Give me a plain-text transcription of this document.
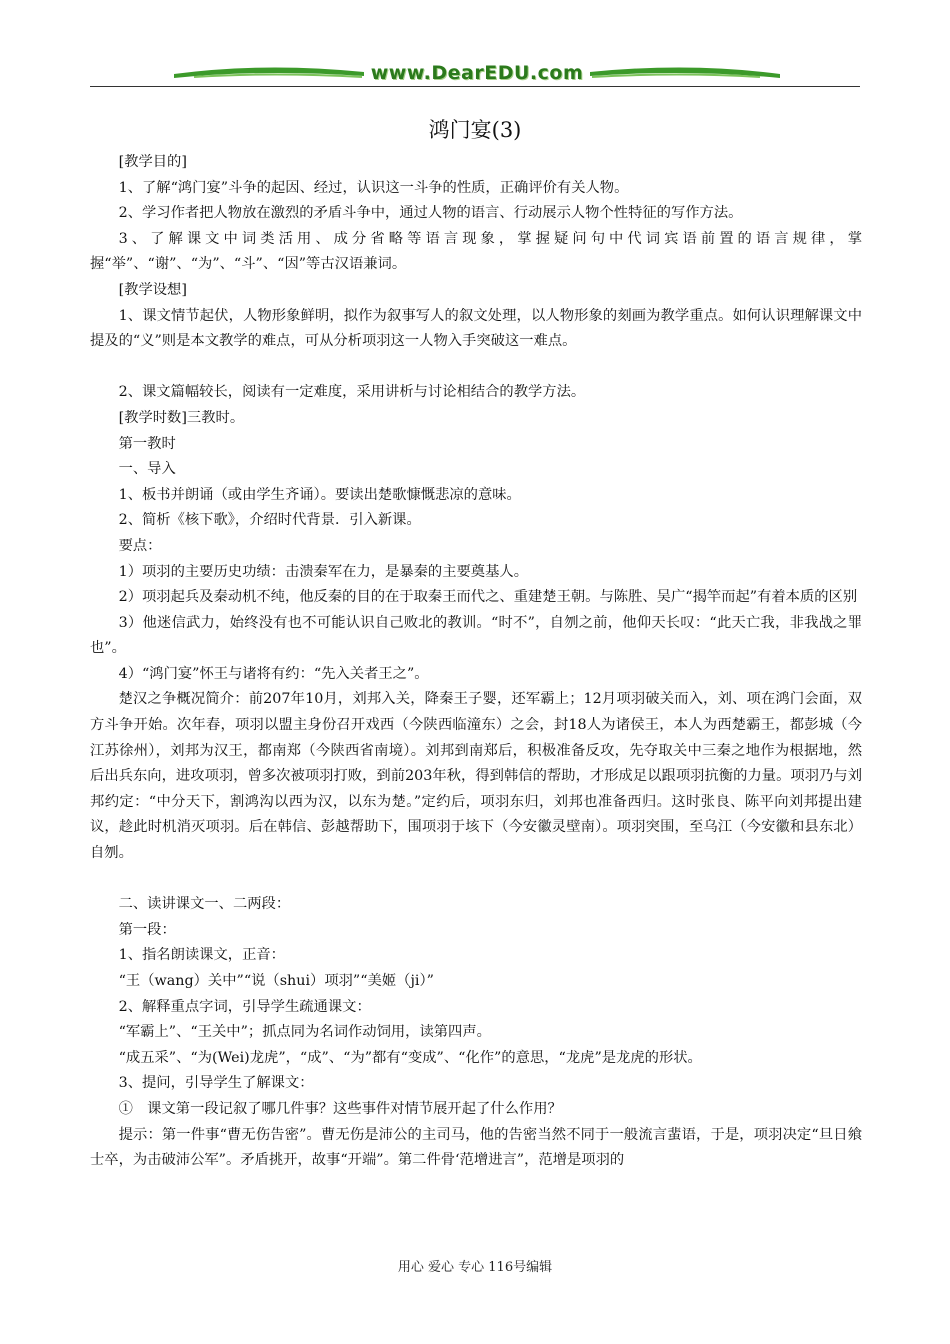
www.DearEDU.com
鸿门宴(3)

[教学目的]

1、了解“鸿门宴”斗争的起因、经过，认识这一斗争的性质，正确评价有关人物。

2、学习作者把人物放在激烈的矛盾斗争中，通过人物的语言、行动展示人物个性特征的写作方法。

3、了解课文中词类活用、成分省略等语言现象，掌握疑问句中代词宾语前置的语言规律，掌握“举”、“谢”、“为”、“斗”、“因”等古汉语兼词。

[教学设想]

1、课文情节起伏，人物形象鲜明，拟作为叙事写人的叙文处理，以人物形象的刻画为教学重点。如何认识理解课文中提及的“义”则是本文教学的难点，可从分析项羽这一人物入手突破这一难点。

2、课文篇幅较长，阅读有一定难度，采用讲析与讨论相结合的教学方法。

[教学时数]三教时。

第一教时

一、导入

1、板书并朗诵（或由学生齐诵）。要读出楚歌慷慨悲凉的意味。

2、简析《核下歌》，介绍时代背景．引入新课。

要点：

1）项羽的主要历史功绩：击溃秦军在力，是暴秦的主要奠基人。

2）项羽起兵及秦动机不纯，他反秦的目的在于取秦王而代之、重建楚王朝。与陈胜、吴广“揭竿而起”有着本质的区别

3）他迷信武力，始终没有也不可能认识自己败北的教训。“时不”，自刎之前，他仰天长叹：“此天亡我，非我战之罪也”。

4）“鸿门宴”怀王与诸将有约：“先入关者王之”。

楚汉之争概况简介：前207年10月，刘邦入关，降秦王子婴，还军霸上；12月项羽破关而入，刘、项在鸿门会面，双方斗争开始。次年春，项羽以盟主身份召开戏西（今陕西临潼东）之会，封18人为诸侯王，本人为西楚霸王，都彭城（今江苏徐州），刘邦为汉王，都南郑（今陕西省南境）。刘邦到南郑后，积极准备反攻，先夺取关中三秦之地作为根据地，然后出兵东向，进攻项羽，曾多次被项羽打败，到前203年秋，得到韩信的帮助，才形成足以跟项羽抗衡的力量。项羽乃与刘邦约定：“中分天下，割鸿沟以西为汉，以东为楚。”定约后，项羽东归，刘邦也准备西归。这时张良、陈平向刘邦提出建议，趁此时机消灭项羽。后在韩信、彭越帮助下，围项羽于垓下（今安徽灵壁南）。项羽突围，至乌江（今安徽和县东北）自刎。

二、读讲课文一、二两段：

第一段：

1、指名朗读课文，正音：

“王（wang）关中”“说（shui）项羽”“美姬（ji）”

2、解释重点字词，引导学生疏通课文：

“军霸上”、“王关中”；抓点同为名词作动饲用，读第四声。

“成五采”、“为(Wei)龙虎”，“成”、“为”都有“变成”、“化作”的意思，“龙虎”是龙虎的形状。

3、提问，引导学生了解课文：

①　课文第一段记叙了哪几件事？这些事件对情节展开起了什么作用？

提示：第一件事“曹无伤告密”。曹无伤是沛公的主司马，他的告密当然不同于一般流言蜚语，于是，项羽决定“旦日飨士卒，为击破沛公军”。矛盾挑开，故事“开端”。第二件骨‘范增进言”，范增是项羽的

用心 爱心 专心 116号编辑
